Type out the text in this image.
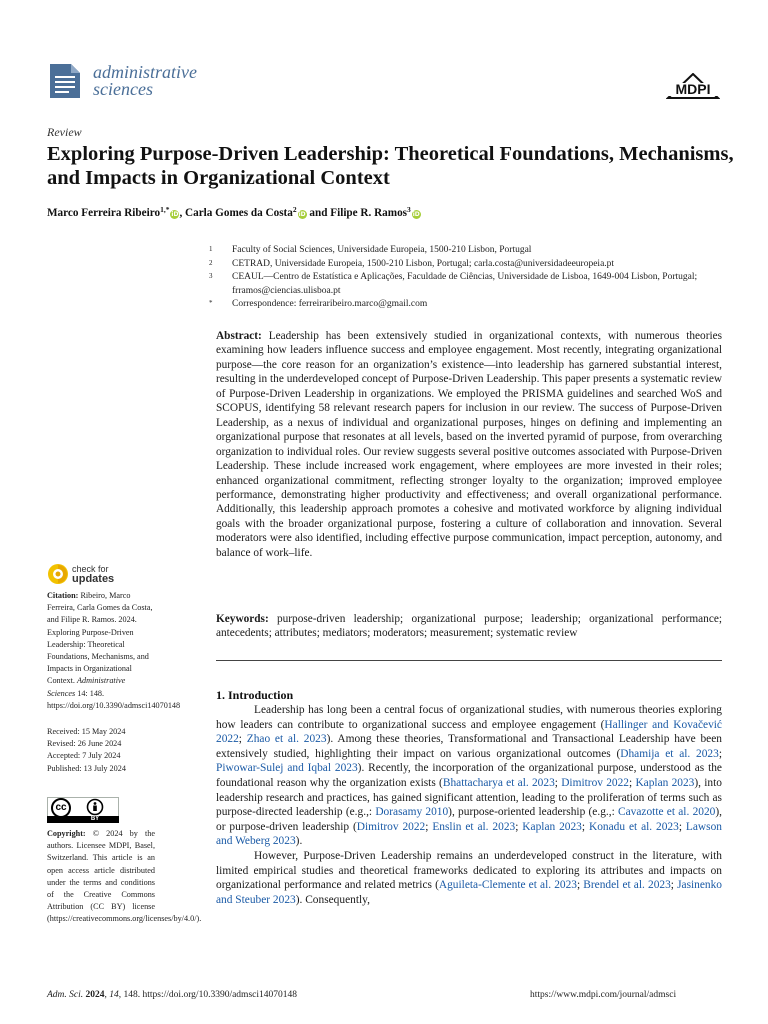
administrative
sciences	MDPI
Review
Exploring Purpose-Driven Leadership: Theoretical Foundations, Mechanisms, and Impacts in Organizational Context
Marco Ferreira Ribeiro$^{1,*}$iD, Carla Gomes da Costa$^2$iD and Filipe R. Ramos$^3$iD
1	Faculty of Social Sciences, Universidade Europeia, 1500-210 Lisbon, Portugal
2	CETRAD, Universidade Europeia, 1500-210 Lisbon, Portugal; carla.costa@universidadeeuropeia.pt
3	CEAUL—Centro de Estatística e Aplicações, Faculdade de Ciências, Universidade de Lisboa, 1649-004 Lisbon, Portugal; frramos@ciencias.ulisboa.pt
*	Correspondence: ferreiraribeiro.marco@gmail.com
Abstract: Leadership has been extensively studied in organizational contexts, with numerous theories examining how leaders influence success and employee engagement. Most recently, integrating organizational purpose—the core reason for an organization’s existence—into leadership has garnered substantial interest, resulting in the underdeveloped concept of Purpose-Driven Leadership. This paper presents a systematic review of Purpose-Driven Leadership in organizations. We employed the PRISMA guidelines and searched WoS and SCOPUS, identifying 58 relevant research papers for inclusion in our review. The success of Purpose-Driven Leadership, as a nexus of individual and organizational purposes, hinges on defining and implementing an organizational purpose that resonates at all levels, based on the inverted pyramid of purpose, from overarching organization to individual roles. Our review suggests several positive outcomes associated with Purpose-Driven Leadership. These include increased work engagement, where employees are more invested in their roles; enhanced organizational commitment, reflecting stronger loyalty to the organization; improved employee performance, demonstrating higher productivity and effectiveness; and overall organizational performance. Additionally, this leadership approach promotes a cohesive and motivated workforce by aligning individual goals with the broader organizational purpose, fostering a culture of collaboration and innovation. Several moderators were also identified, including effective purpose communication, impact perception, autonomy, and balance of work–life.
Keywords: purpose-driven leadership; organizational purpose; leadership; organizational performance; antecedents; attributes; mediators; moderators; measurement; systematic review
check for
updates
Citation: Ribeiro, Marco Ferreira, Carla Gomes da Costa, and Filipe R. Ramos. 2024. Exploring Purpose-Driven Leadership: Theoretical Foundations, Mechanisms, and Impacts in Organizational Context. Administrative Sciences 14: 148. https://doi.org/10.3390/admsci14070148
Received: 15 May 2024
Revised: 26 June 2024
Accepted: 7 July 2024
Published: 13 July 2024
cc
BY
Copyright: © 2024 by the authors. Licensee MDPI, Basel, Switzerland. This article is an open access article distributed under the terms and conditions of the Creative Commons Attribution (CC BY) license (https://creativecommons.org/licenses/by/4.0/).
1. Introduction

Leadership has long been a central focus of organizational studies, with numerous theories exploring how leaders can contribute to organizational success and employee engagement (Hallinger and Kovačević 2022; Zhao et al. 2023). Among these theories, Transformational and Transactional Leadership have been extensively studied, highlighting their impact on various organizational outcomes (Dhamija et al. 2023; Piwowar-Sulej and Iqbal 2023). Recently, the incorporation of the organizational purpose, understood as the foundational reason why the organization exists (Bhattacharya et al. 2023; Dimitrov 2022; Kaplan 2023), into leadership research and practices, has gained significant attention, leading to the proliferation of terms such as purpose-directed leadership (e.g.,: Dorasamy 2010), purpose-oriented leadership (e.g.,: Cavazotte et al. 2020), or purpose-driven leadership (Dimitrov 2022; Enslin et al. 2023; Kaplan 2023; Konadu et al. 2023; Lawson and Weberg 2023).

However, Purpose-Driven Leadership remains an underdeveloped construct in the literature, with limited empirical studies and theoretical frameworks dedicated to exploring its attributes and impacts on organizational performance and related metrics (Aguileta-Clemente et al. 2023; Brendel et al. 2023; Jasinenko and Steuber 2023). Consequently,

Adm. Sci. 2024, 14, 148. https://doi.org/10.3390/admsci14070148	https://www.mdpi.com/journal/admsci
